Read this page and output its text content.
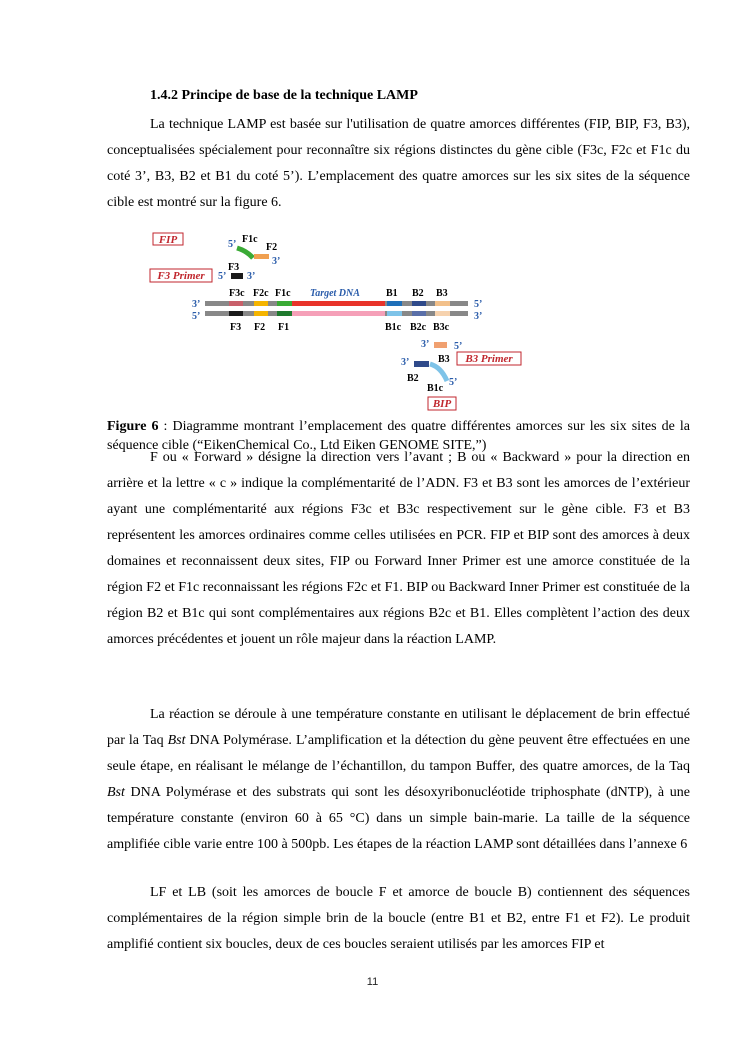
1.4.2 Principe de base de la technique LAMP

La technique LAMP est basée sur l'utilisation de quatre amorces différentes (FIP, BIP, F3, B3), conceptualisées spécialement pour reconnaître six régions distinctes du gène cible (F3c, F2c et F1c du coté 3’, B3, B2 et B1 du coté 5’). L’emplacement des quatre amorces sur les six sites de la séquence cible est montré sur la figure 6.

FIP	5’ F1c
F2
3’
F3
F3 Primer 5’ 3’
F3c F2c F1c Target DNA	B1 B2 B3
3’
5’
5’
3’
F3 F2 F1	B1c B2c B3c
3’ 5’
B3 B3 Primer
3’
B2
B1c
5’
BIP

Figure 6 : Diagramme montrant l’emplacement des quatre différentes amorces sur les six sites de la séquence cible (“EikenChemical Co., Ltd Eiken GENOME SITE,”)

F ou « Forward » désigne la direction vers l’avant ; B ou « Backward » pour la direction en arrière et la lettre « c » indique la complémentarité de l’ADN. F3 et B3 sont les amorces de l’extérieur ayant une complémentarité aux régions F3c et B3c respectivement sur le gène cible. F3 et B3 représentent les amorces ordinaires comme celles utilisées en PCR. FIP et BIP sont des amorces à deux domaines et reconnaissent deux sites, FIP ou Forward Inner Primer est une amorce constituée de la région F2 et F1c reconnaissant les régions F2c et F1. BIP ou Backward Inner Primer est constituée de la région B2 et B1c qui sont complémentaires aux régions B2c et B1. Elles complètent l’action des deux amorces précédentes et jouent un rôle majeur dans la réaction LAMP.

La réaction se déroule à une température constante en utilisant le déplacement de brin effectué par la Taq Bst DNA Polymérase. L’amplification et la détection du gène peuvent être effectuées en une seule étape, en réalisant le mélange de l’échantillon, du tampon Buffer, des quatre amorces, de la Taq Bst DNA Polymérase et des substrats qui sont les désoxyribonucléotide triphosphate (dNTP), à une température constante (environ 60 à 65 °C) dans un simple bain-marie. La taille de la séquence amplifiée cible varie entre 100 à 500pb. Les étapes de la réaction LAMP sont détaillées dans l’annexe 6

LF et LB (soit les amorces de boucle F et amorce de boucle B) contiennent des séquences complémentaires de la région simple brin de la boucle (entre B1 et B2, entre F1 et F2). Le produit amplifié contient six boucles, deux de ces boucles seraient utilisés par les amorces FIP et

11
